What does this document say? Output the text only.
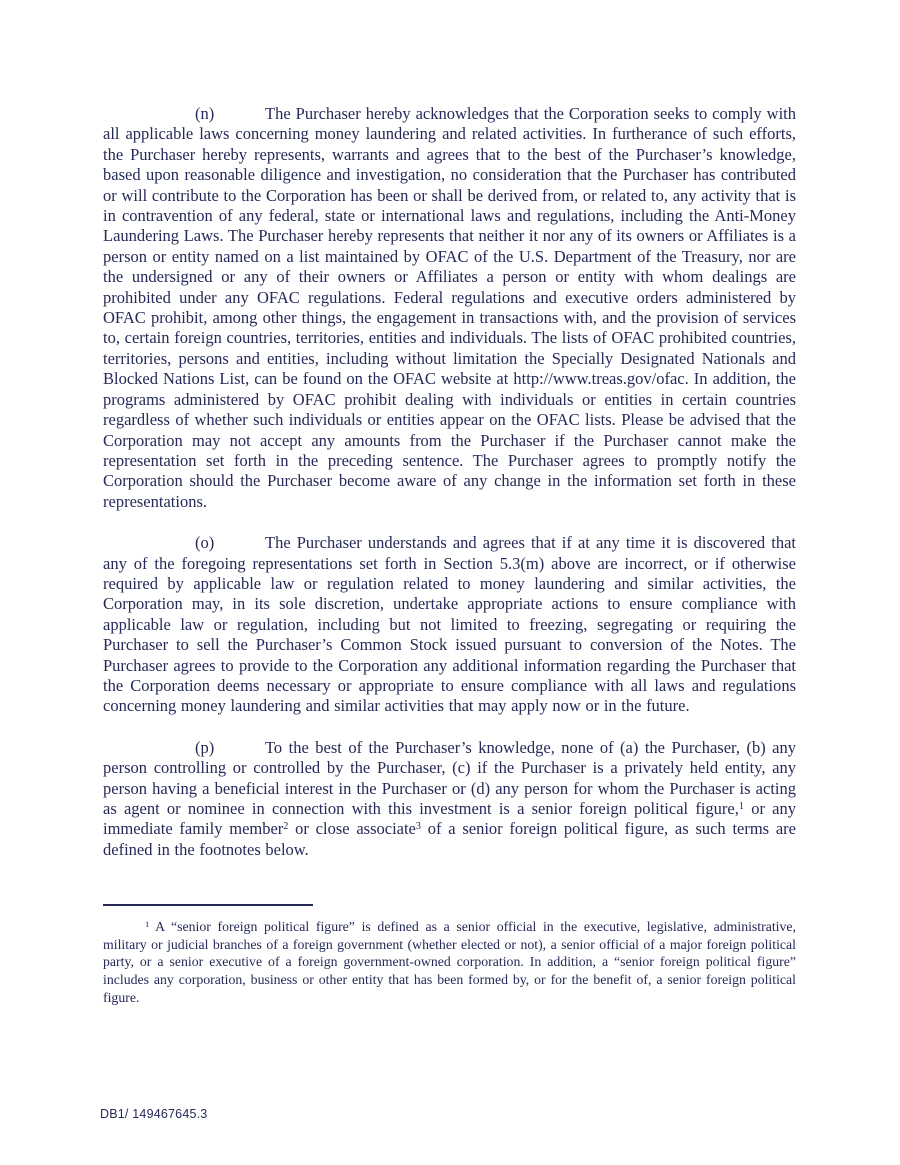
(n)	The Purchaser hereby acknowledges that the Corporation seeks to comply with all applicable laws concerning money laundering and related activities. In furtherance of such efforts, the Purchaser hereby represents, warrants and agrees that to the best of the Purchaser’s knowledge, based upon reasonable diligence and investigation, no consideration that the Purchaser has contributed or will contribute to the Corporation has been or shall be derived from, or related to, any activity that is in contravention of any federal, state or international laws and regulations, including the Anti-Money Laundering Laws. The Purchaser hereby represents that neither it nor any of its owners or Affiliates is a person or entity named on a list maintained by OFAC of the U.S. Department of the Treasury, nor are the undersigned or any of their owners or Affiliates a person or entity with whom dealings are prohibited under any OFAC regulations. Federal regulations and executive orders administered by OFAC prohibit, among other things, the engagement in transactions with, and the provision of services to, certain foreign countries, territories, entities and individuals. The lists of OFAC prohibited countries, territories, persons and entities, including without limitation the Specially Designated Nationals and Blocked Nations List, can be found on the OFAC website at http://www.treas.gov/ofac. In addition, the programs administered by OFAC prohibit dealing with individuals or entities in certain countries regardless of whether such individuals or entities appear on the OFAC lists. Please be advised that the Corporation may not accept any amounts from the Purchaser if the Purchaser cannot make the representation set forth in the preceding sentence. The Purchaser agrees to promptly notify the Corporation should the Purchaser become aware of any change in the information set forth in these representations.

(o)	The Purchaser understands and agrees that if at any time it is discovered that any of the foregoing representations set forth in Section 5.3(m) above are incorrect, or if otherwise required by applicable law or regulation related to money laundering and similar activities, the Corporation may, in its sole discretion, undertake appropriate actions to ensure compliance with applicable law or regulation, including but not limited to freezing, segregating or requiring the Purchaser to sell the Purchaser’s Common Stock issued pursuant to conversion of the Notes. The Purchaser agrees to provide to the Corporation any additional information regarding the Purchaser that the Corporation deems necessary or appropriate to ensure compliance with all laws and regulations concerning money laundering and similar activities that may apply now or in the future.

(p)	To the best of the Purchaser’s knowledge, none of (a) the Purchaser, (b) any person controlling or controlled by the Purchaser, (c) if the Purchaser is a privately held entity, any person having a beneficial interest in the Purchaser or (d) any person for whom the Purchaser is acting as agent or nominee in connection with this investment is a senior foreign political figure,$^1$ or any immediate family member$^2$ or close associate$^3$ of a senior foreign political figure, as such terms are defined in the footnotes below.

$^1$ A “senior foreign political figure” is defined as a senior official in the executive, legislative, administrative, military or judicial branches of a foreign government (whether elected or not), a senior official of a major foreign political party, or a senior executive of a foreign government-owned corporation. In addition, a “senior foreign political figure” includes any corporation, business or other entity that has been formed by, or for the benefit of, a senior foreign political figure.

DB1/ 149467645.3
